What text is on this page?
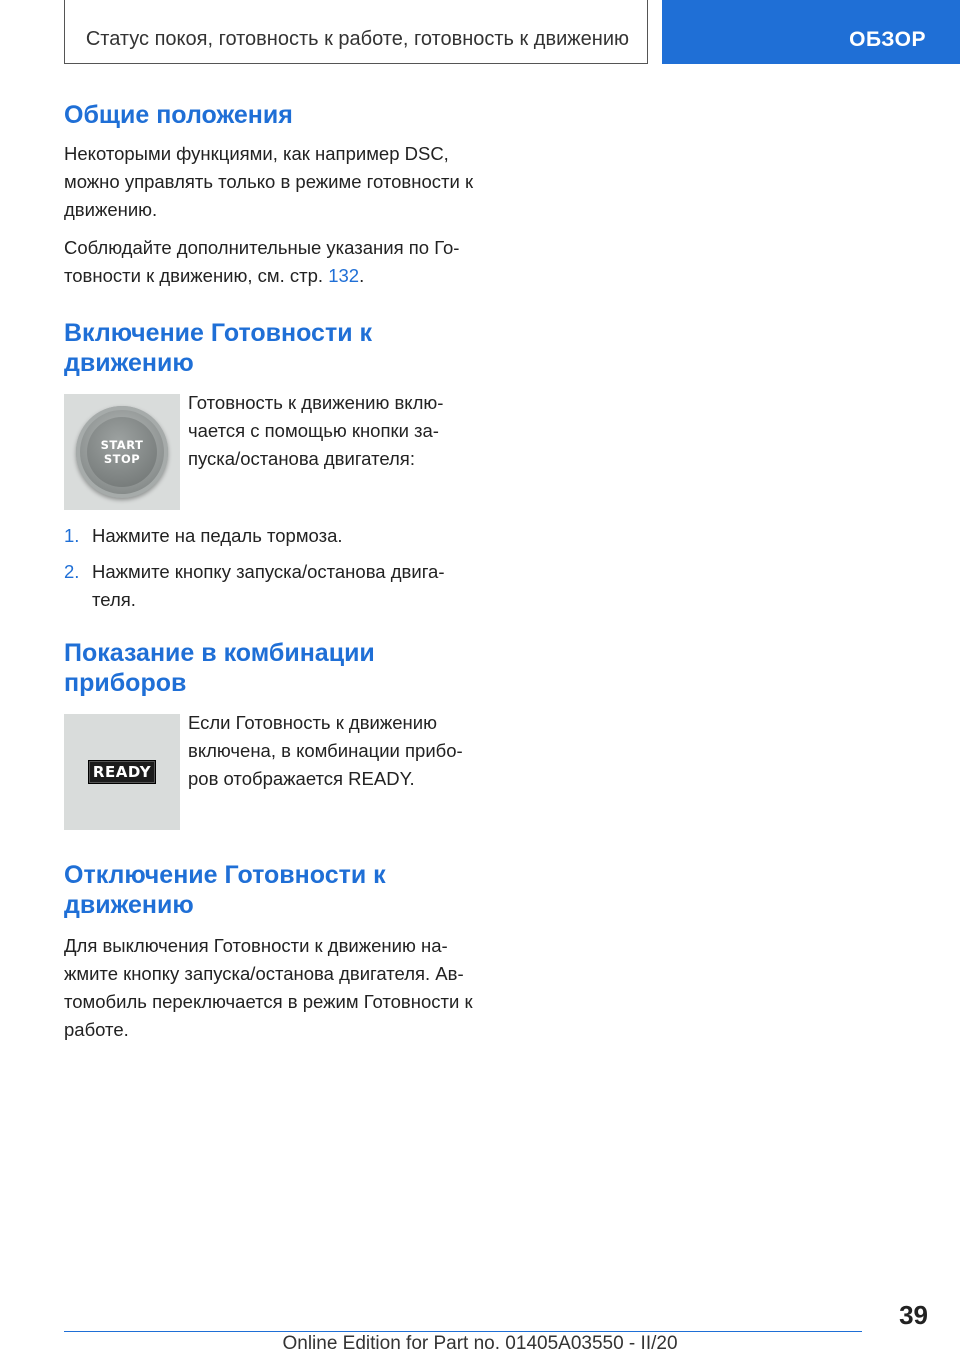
Статус покоя, готовность к работе, готовность к движению	ОБЗОР
Общие положения

Некоторыми функциями, как например DSC, можно управлять только в режиме готовности к движению.

Соблюдайте дополнительные указания по Го-товности к движению, см. стр. 132.

Включение Готовности к движению
START
STOP
Готовность к движению вклю-чается с помощью кнопки за-пуска/останова двигателя:
1. Нажмите на педаль тормоза.
2. Нажмите кнопку запуска/останова двига-теля.
Показание в комбинации приборов
READY
Если Готовность к движению включена, в комбинации прибо-ров отображается READY.
Отключение Готовности к движению

Для выключения Готовности к движению на-жмите кнопку запуска/останова двигателя. Ав-томобиль переключается в режим Готовности к работе.

39
Online Edition for Part no. 01405A03550 - II/20
